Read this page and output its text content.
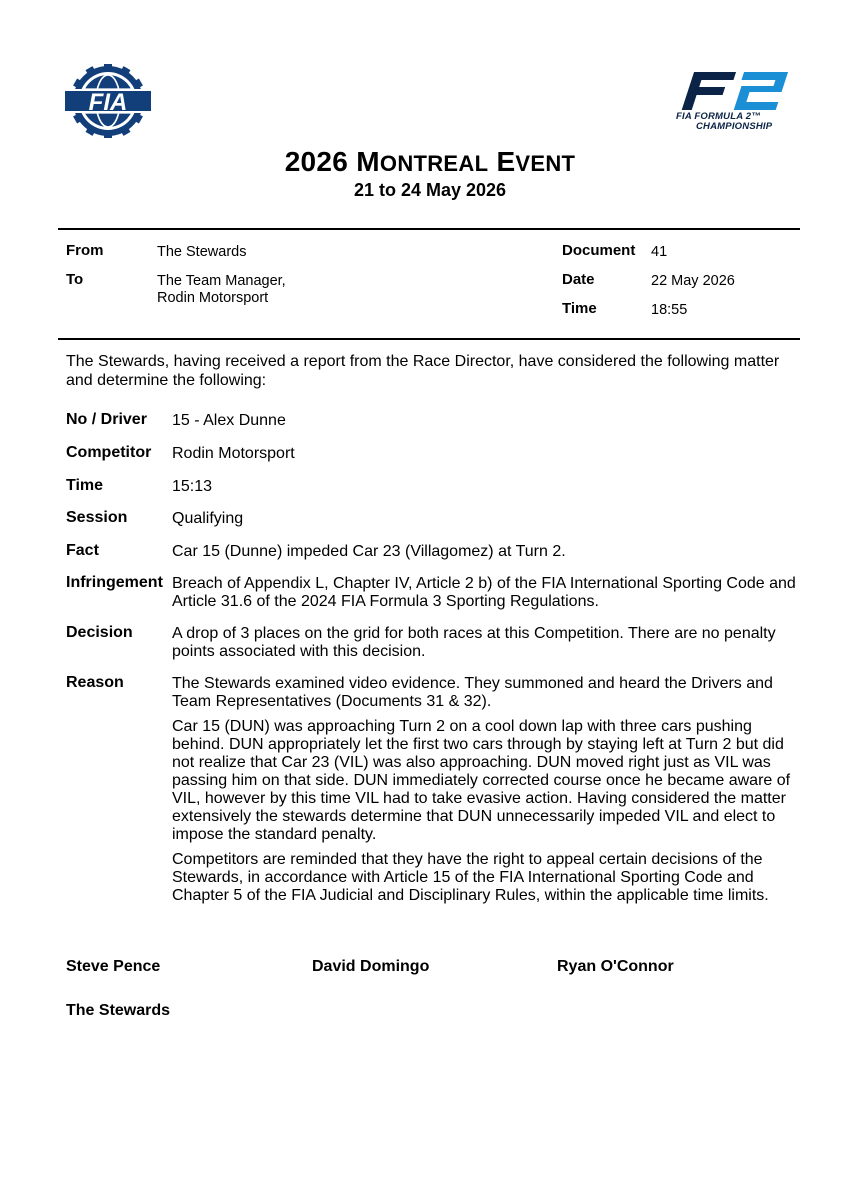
FIA
FIA FORMULA 2™
CHAMPIONSHIP
2026 MONTREAL EVENT
21 to 24 May 2026
From	The Stewards
To	The Team Manager,
Rodin Motorsport
Document 41
Date	22 May 2026
Time	18:55
The Stewards, having received a report from the Race Director, have considered the following matter and determine the following:
No / Driver 15 - Alex Dunne
Competitor Rodin Motorsport
Time	15:13
Session	Qualifying
Fact	Car 15 (Dunne) impeded Car 23 (Villagomez) at Turn 2.
Infringement Breach of Appendix L, Chapter IV, Article 2 b) of the FIA International Sporting Code and Article 31.6 of the 2024 FIA Formula 3 Sporting Regulations.
Decision A drop of 3 places on the grid for both races at this Competition. There are no penalty points associated with this decision.
Reason	The Stewards examined video evidence. They summoned and heard the Drivers and Team Representatives (Documents 31 & 32).

Car 15 (DUN) was approaching Turn 2 on a cool down lap with three cars pushing behind. DUN appropriately let the first two cars through by staying left at Turn 2 but did not realize that Car 23 (VIL) was also approaching. DUN moved right just as VIL was passing him on that side. DUN immediately corrected course once he became aware of VIL, however by this time VIL had to take evasive action. Having considered the matter extensively the stewards determine that DUN unnecessarily impeded VIL and elect to impose the standard penalty.

Competitors are reminded that they have the right to appeal certain decisions of the Stewards, in accordance with Article 15 of the FIA International Sporting Code and Chapter 5 of the FIA Judicial and Disciplinary Rules, within the applicable time limits.

Steve Pence	David Domingo	Ryan O'Connor
The Stewards
